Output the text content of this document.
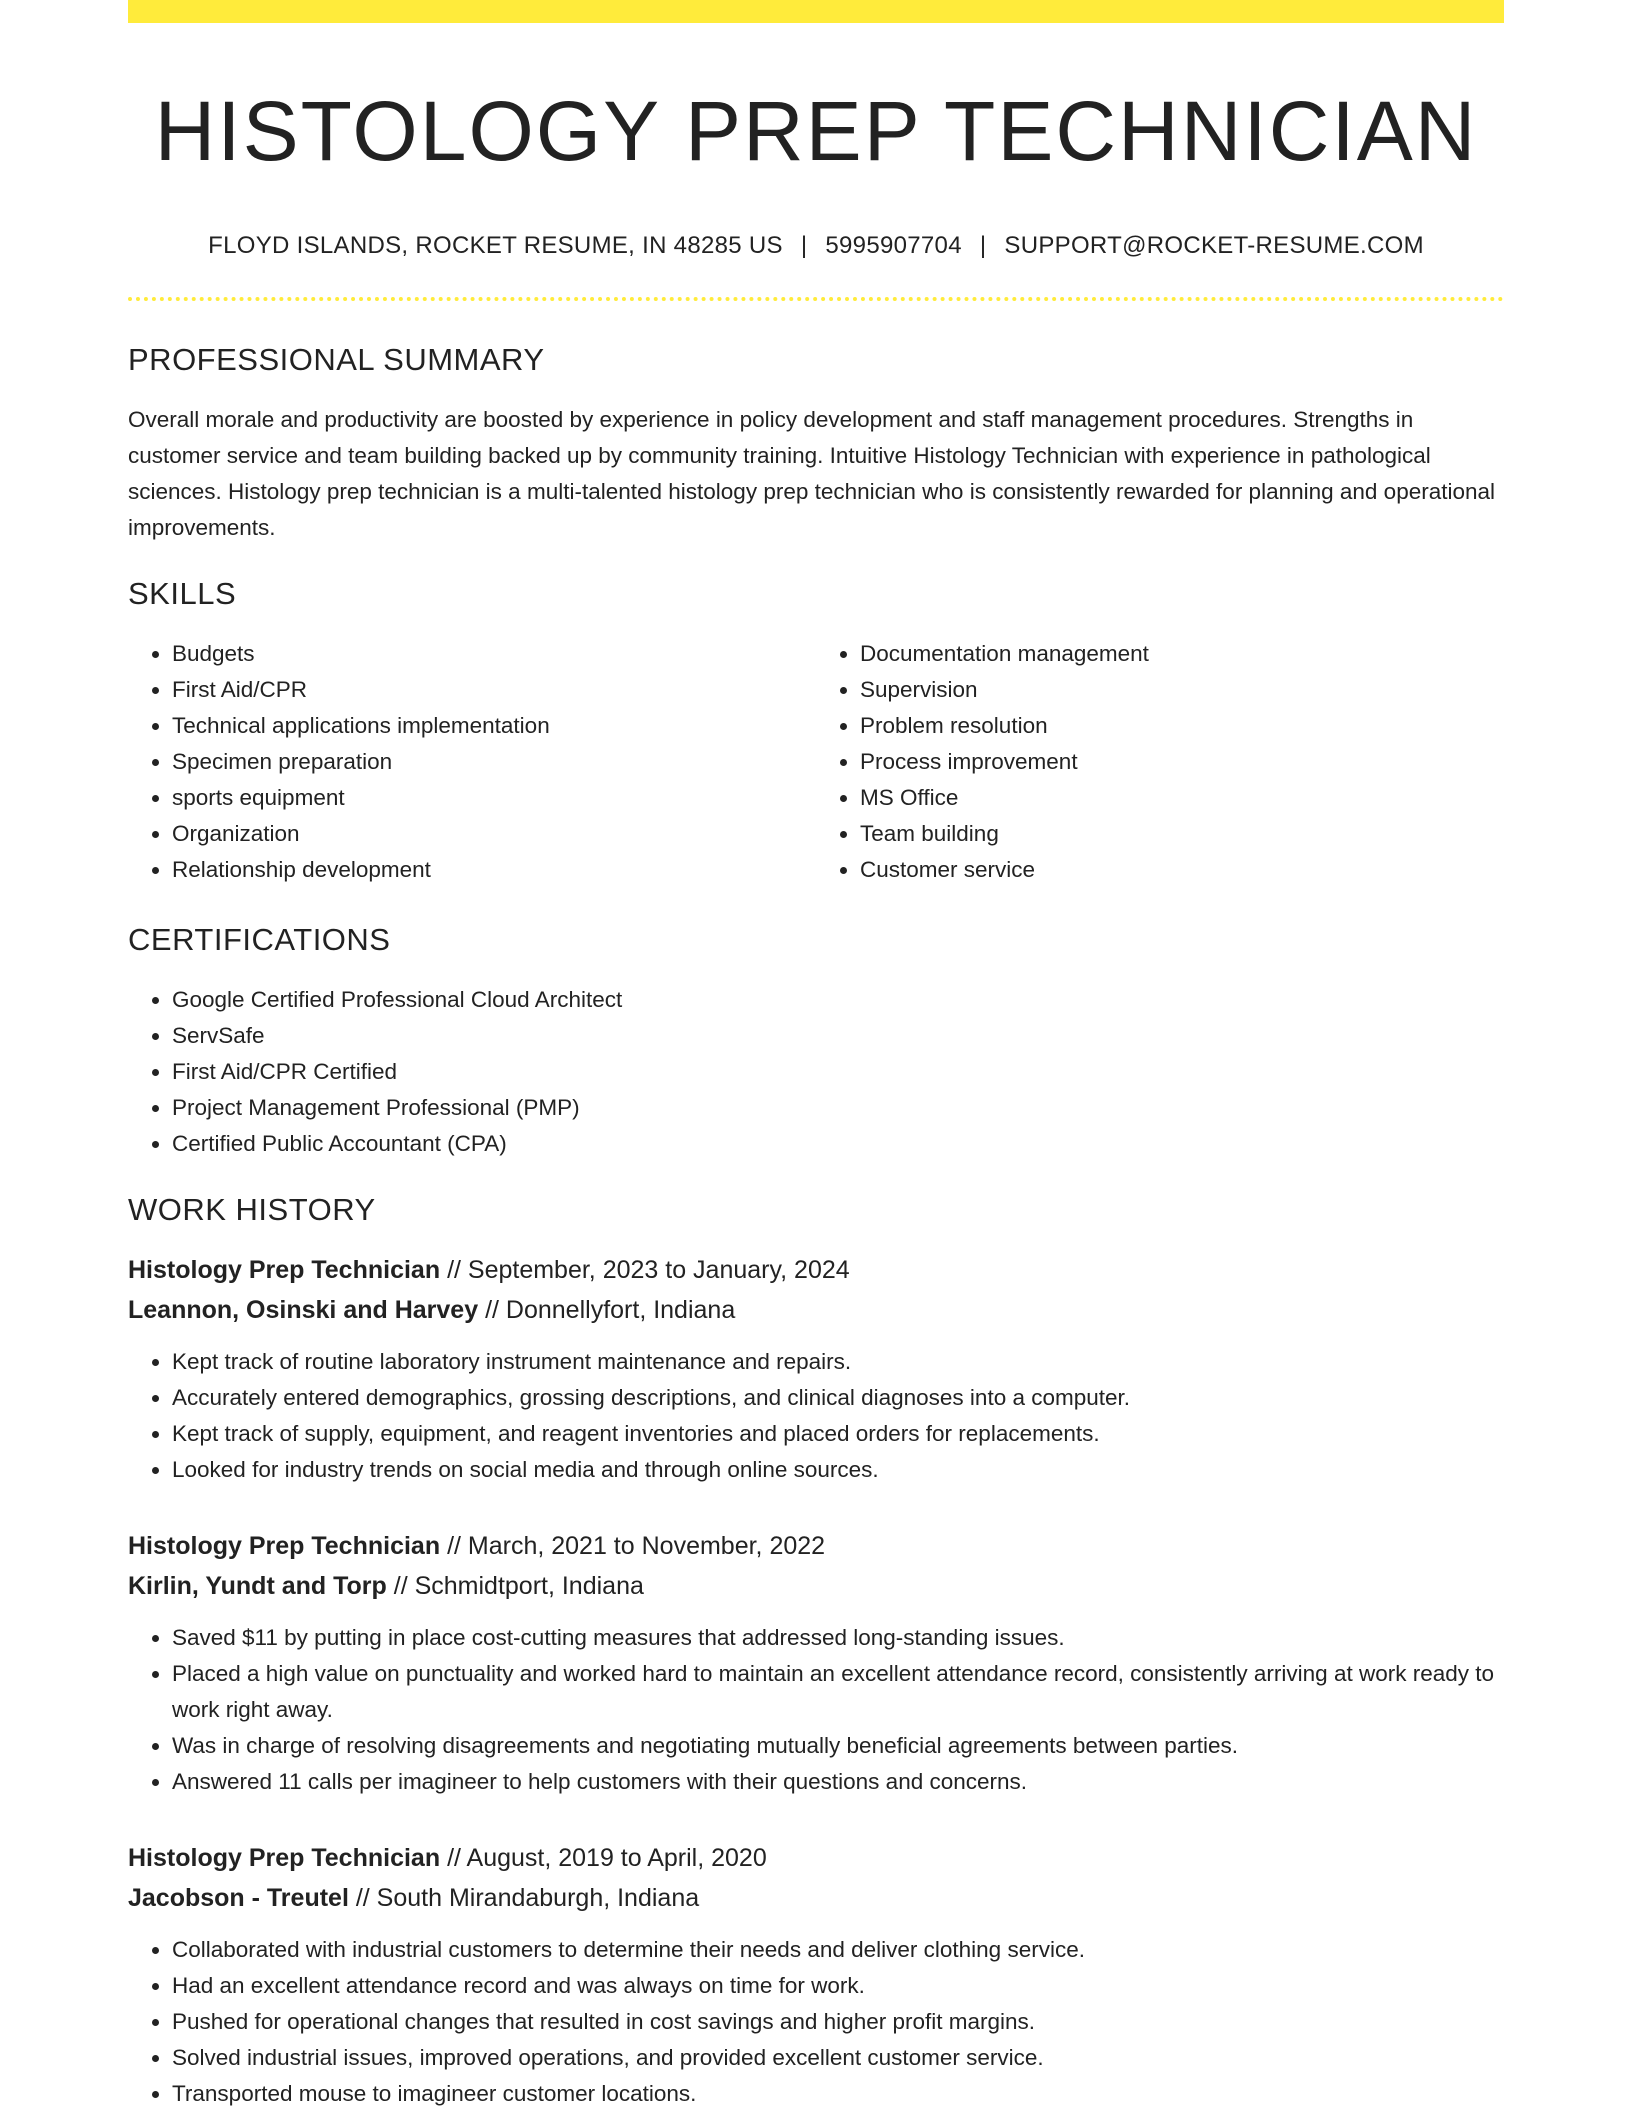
HISTOLOGY PREP TECHNICIAN
FLOYD ISLANDS, ROCKET RESUME, IN 48285 US | 5995907704 | SUPPORT@ROCKET-RESUME.COM
PROFESSIONAL SUMMARY

Overall morale and productivity are boosted by experience in policy development and staff management procedures. Strengths in customer service and team building backed up by community training. Intuitive Histology Technician with experience in pathological sciences. Histology prep technician is a multi-talented histology prep technician who is consistently rewarded for planning and operational improvements.

SKILLS
• Budgets
• First Aid/CPR
• Technical applications implementation
• Specimen preparation
• sports equipment
• Organization
• Relationship development
• Documentation management
• Supervision
• Problem resolution
• Process improvement
• MS Office
• Team building
• Customer service
CERTIFICATIONS
• Google Certified Professional Cloud Architect
• ServSafe
• First Aid/CPR Certified
• Project Management Professional (PMP)
• Certified Public Accountant (CPA)
WORK HISTORY
Histology Prep Technician // September, 2023 to January, 2024
Leannon, Osinski and Harvey // Donnellyfort, Indiana
• Kept track of routine laboratory instrument maintenance and repairs.
• Accurately entered demographics, grossing descriptions, and clinical diagnoses into a computer.
• Kept track of supply, equipment, and reagent inventories and placed orders for replacements.
• Looked for industry trends on social media and through online sources.
Histology Prep Technician // March, 2021 to November, 2022
Kirlin, Yundt and Torp // Schmidtport, Indiana
• Saved $11 by putting in place cost-cutting measures that addressed long-standing issues.
• Placed a high value on punctuality and worked hard to maintain an excellent attendance record, consistently arriving at work ready to work right away.
• Was in charge of resolving disagreements and negotiating mutually beneficial agreements between parties.
• Answered 11 calls per imagineer to help customers with their questions and concerns.
Histology Prep Technician // August, 2019 to April, 2020
Jacobson - Treutel // South Mirandaburgh, Indiana
• Collaborated with industrial customers to determine their needs and deliver clothing service.
• Had an excellent attendance record and was always on time for work.
• Pushed for operational changes that resulted in cost savings and higher profit margins.
• Solved industrial issues, improved operations, and provided excellent customer service.
• Transported mouse to imagineer customer locations.
